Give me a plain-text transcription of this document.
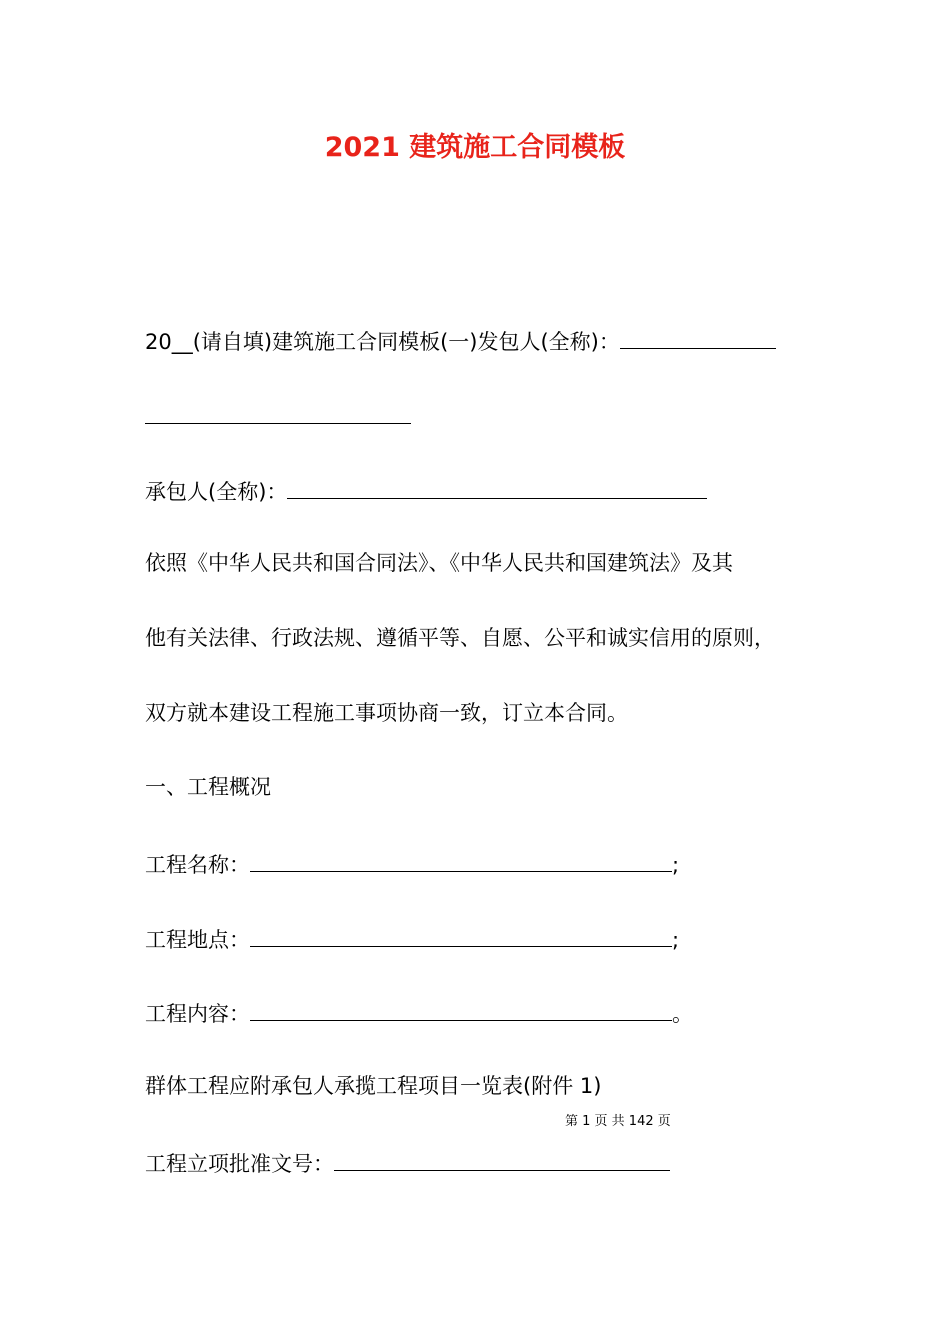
2021 建筑施工合同模板
20__(请自填)建筑施工合同模板(一)发包人(全称)：
承包人(全称)：
依照《中华人民共和国合同法》、《中华人民共和国建筑法》及其
他有关法律、行政法规、遵循平等、自愿、公平和诚实信用的原则，
双方就本建设工程施工事项协商一致，订立本合同。
一、工程概况
工程名称：	;
工程地点：	;
工程内容：	。
群体工程应附承包人承揽工程项目一览表(附件 1)
第 1 页 共 142 页
工程立项批准文号：
